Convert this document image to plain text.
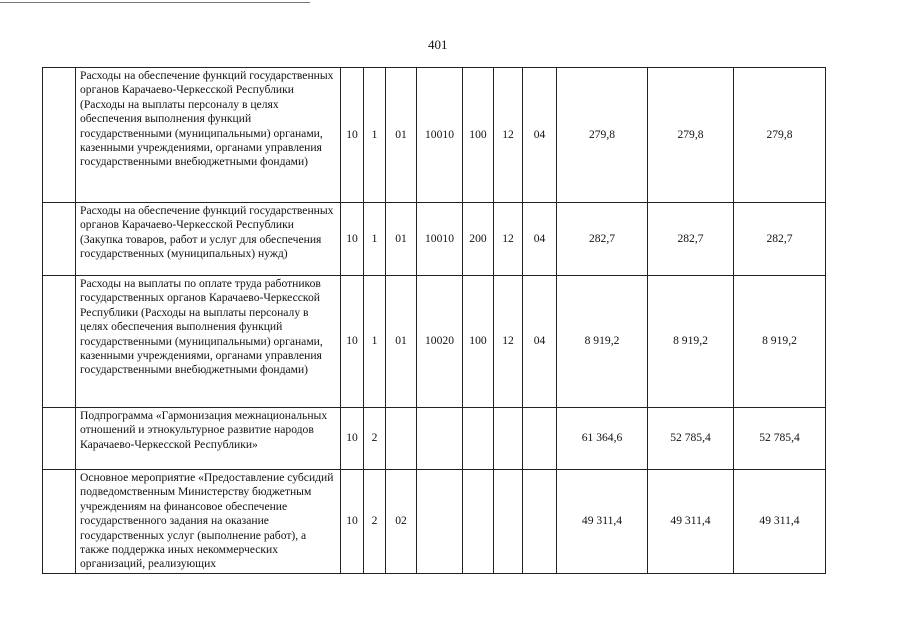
401
	Расходы на обеспечение функций государственных органов Карачаево-Черкесской Республики (Расходы на выплаты персоналу в целях обеспечения выполнения функций государственными (муниципальными) органами, казенными учреждениями, органами управления государственными внебюджетными фондами)	10	1	01	10010	100	12	04	279,8	279,8	279,8
	Расходы на обеспечение функций государственных органов Карачаево-Черкесской Республики (Закупка товаров, работ и услуг для обеспечения государственных (муниципальных) нужд)	10	1	01	10010	200	12	04	282,7	282,7	282,7
	Расходы на выплаты по оплате труда работников государственных органов Карачаево-Черкесской Республики (Расходы на выплаты персоналу в целях обеспечения выполнения функций государственными (муниципальными) органами, казенными учреждениями, органами управления государственными внебюджетными фондами)	10	1	01	10020	100	12	04	8 919,2	8 919,2	8 919,2
	Подпрограмма «Гармонизация межнациональных отношений и этнокультурное развитие народов Карачаево-Черкесской Республики»	10	2						61 364,6	52 785,4	52 785,4
	Основное мероприятие «Предоставление субсидий подведомственным Министерству бюджетным учреждениям на финансовое обеспечение государственного задания на оказание государственных услуг (выполнение работ), а также поддержка иных некоммерческих организаций, реализующих	10	2	02					49 311,4	49 311,4	49 311,4
